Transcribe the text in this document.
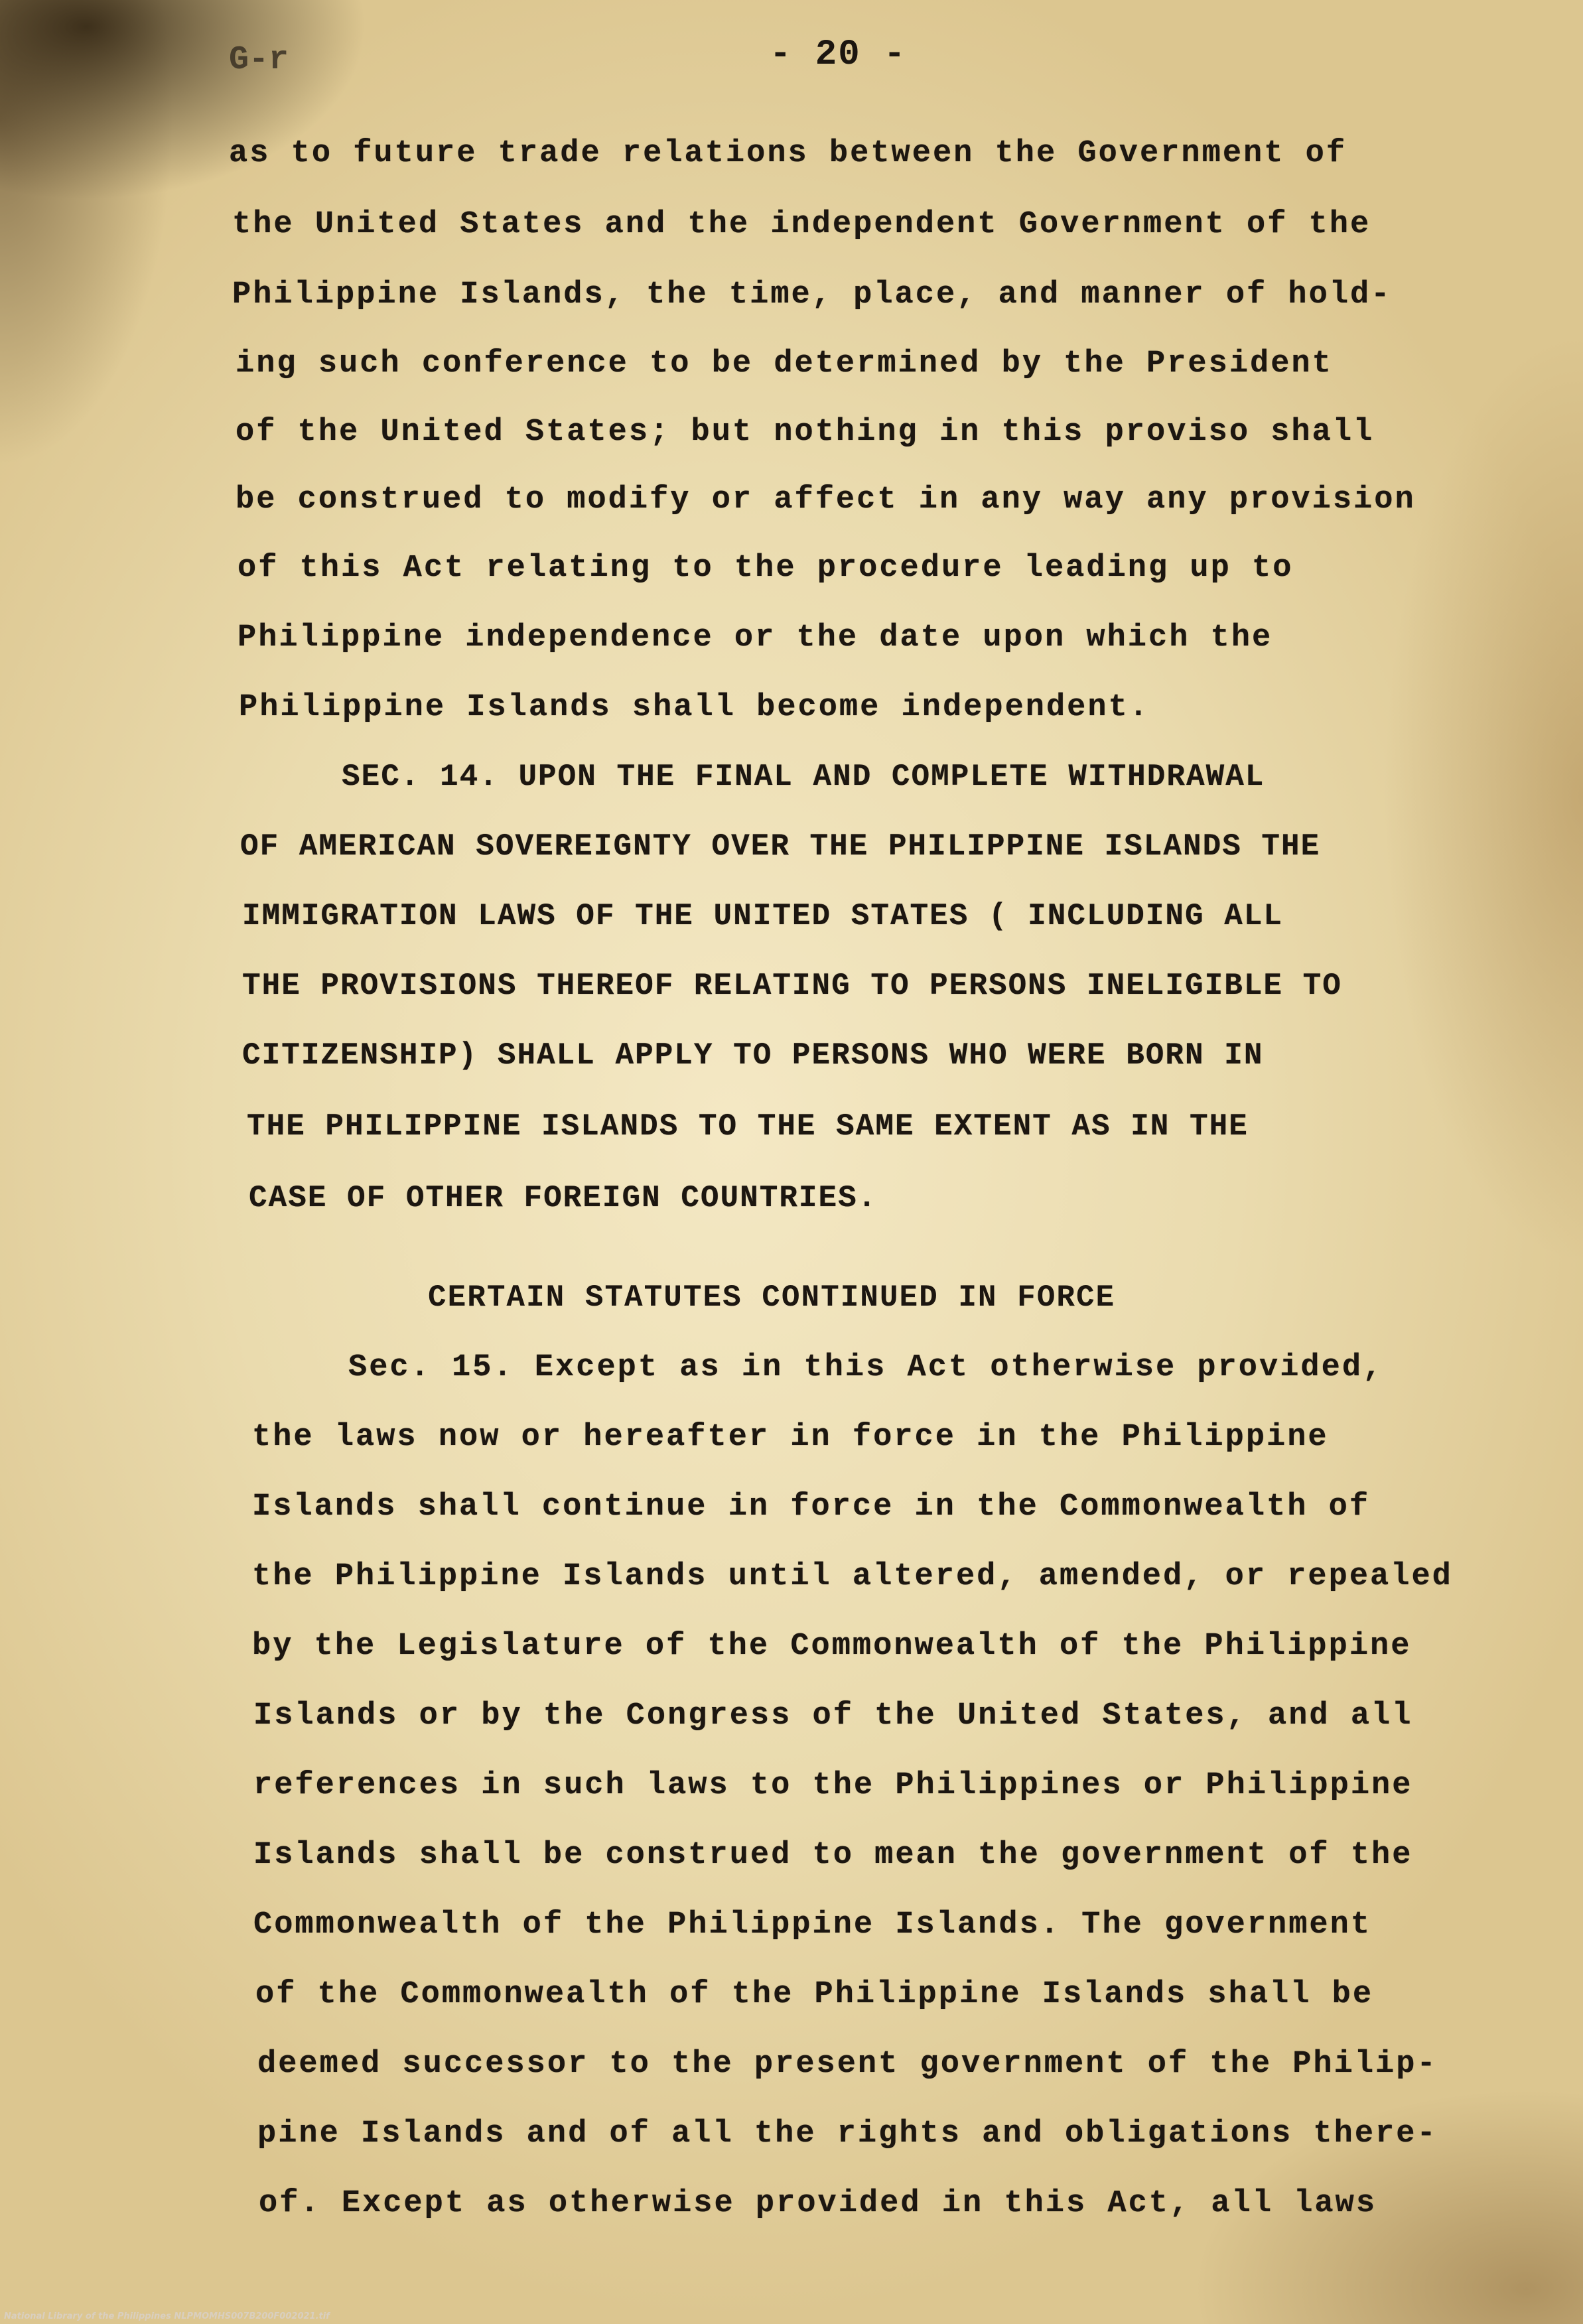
G-r	- 20 -
as to future trade relations between the Government of
the United States and the independent Government of the
Philippine Islands, the time, place, and manner of hold-
ing such conference to be determined by the President
of the United States; but nothing in this proviso shall
be construed to modify or affect in any way any provision
of this Act relating to the procedure leading up to
Philippine independence or the date upon which the
Philippine Islands shall become independent.
SEC. 14. UPON THE FINAL AND COMPLETE WITHDRAWAL
OF AMERICAN SOVEREIGNTY OVER THE PHILIPPINE ISLANDS THE
IMMIGRATION LAWS OF THE UNITED STATES ( INCLUDING ALL
THE PROVISIONS THEREOF RELATING TO PERSONS INELIGIBLE TO
CITIZENSHIP) SHALL APPLY TO PERSONS WHO WERE BORN IN
THE PHILIPPINE ISLANDS TO THE SAME EXTENT AS IN THE
CASE OF OTHER FOREIGN COUNTRIES.
CERTAIN STATUTES CONTINUED IN FORCE
Sec. 15. Except as in this Act otherwise provided,
the laws now or hereafter in force in the Philippine
Islands shall continue in force in the Commonwealth of
the Philippine Islands until altered, amended, or repealed
by the Legislature of the Commonwealth of the Philippine
Islands or by the Congress of the United States, and all
references in such laws to the Philippines or Philippine
Islands shall be construed to mean the government of the
Commonwealth of the Philippine Islands. The government
of the Commonwealth of the Philippine Islands shall be
deemed successor to the present government of the Philip-
pine Islands and of all the rights and obligations there-
of. Except as otherwise provided in this Act, all laws
National Library of the Philippines NLPMOMHS007B200F002021.tif
